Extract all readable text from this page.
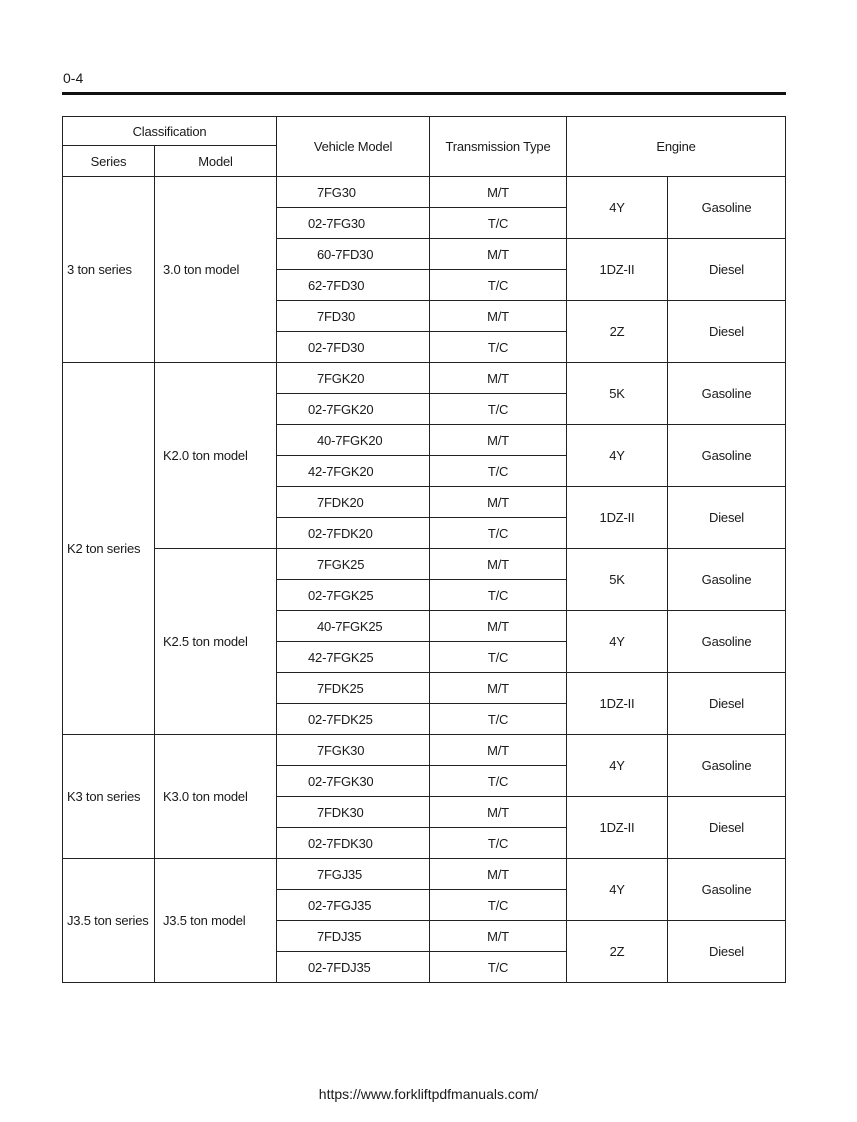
0-4
Classification		Vehicle Model	Transmission Type	Engine	
Series	Model				
3 ton series	3.0 ton model	7FG30	M/T	4Y	Gasoline
		02-7FG30	T/C		
		60-7FD30	M/T	1DZ-II	Diesel
		62-7FD30	T/C		
		7FD30	M/T	2Z	Diesel
		02-7FD30	T/C		
K2 ton series	K2.0 ton model	7FGK20	M/T	5K	Gasoline
		02-7FGK20	T/C		
		40-7FGK20	M/T	4Y	Gasoline
		42-7FGK20	T/C		
		7FDK20	M/T	1DZ-II	Diesel
		02-7FDK20	T/C		
	K2.5 ton model	7FGK25	M/T	5K	Gasoline
		02-7FGK25	T/C		
		40-7FGK25	M/T	4Y	Gasoline
		42-7FGK25	T/C		
		7FDK25	M/T	1DZ-II	Diesel
		02-7FDK25	T/C		
K3 ton series	K3.0 ton model	7FGK30	M/T	4Y	Gasoline
		02-7FGK30	T/C		
		7FDK30	M/T	1DZ-II	Diesel
		02-7FDK30	T/C		
J3.5 ton series	J3.5 ton model	7FGJ35	M/T	4Y	Gasoline
		02-7FGJ35	T/C		
		7FDJ35	M/T	2Z	Diesel
		02-7FDJ35	T/C		
https://www.forkliftpdfmanuals.com/
